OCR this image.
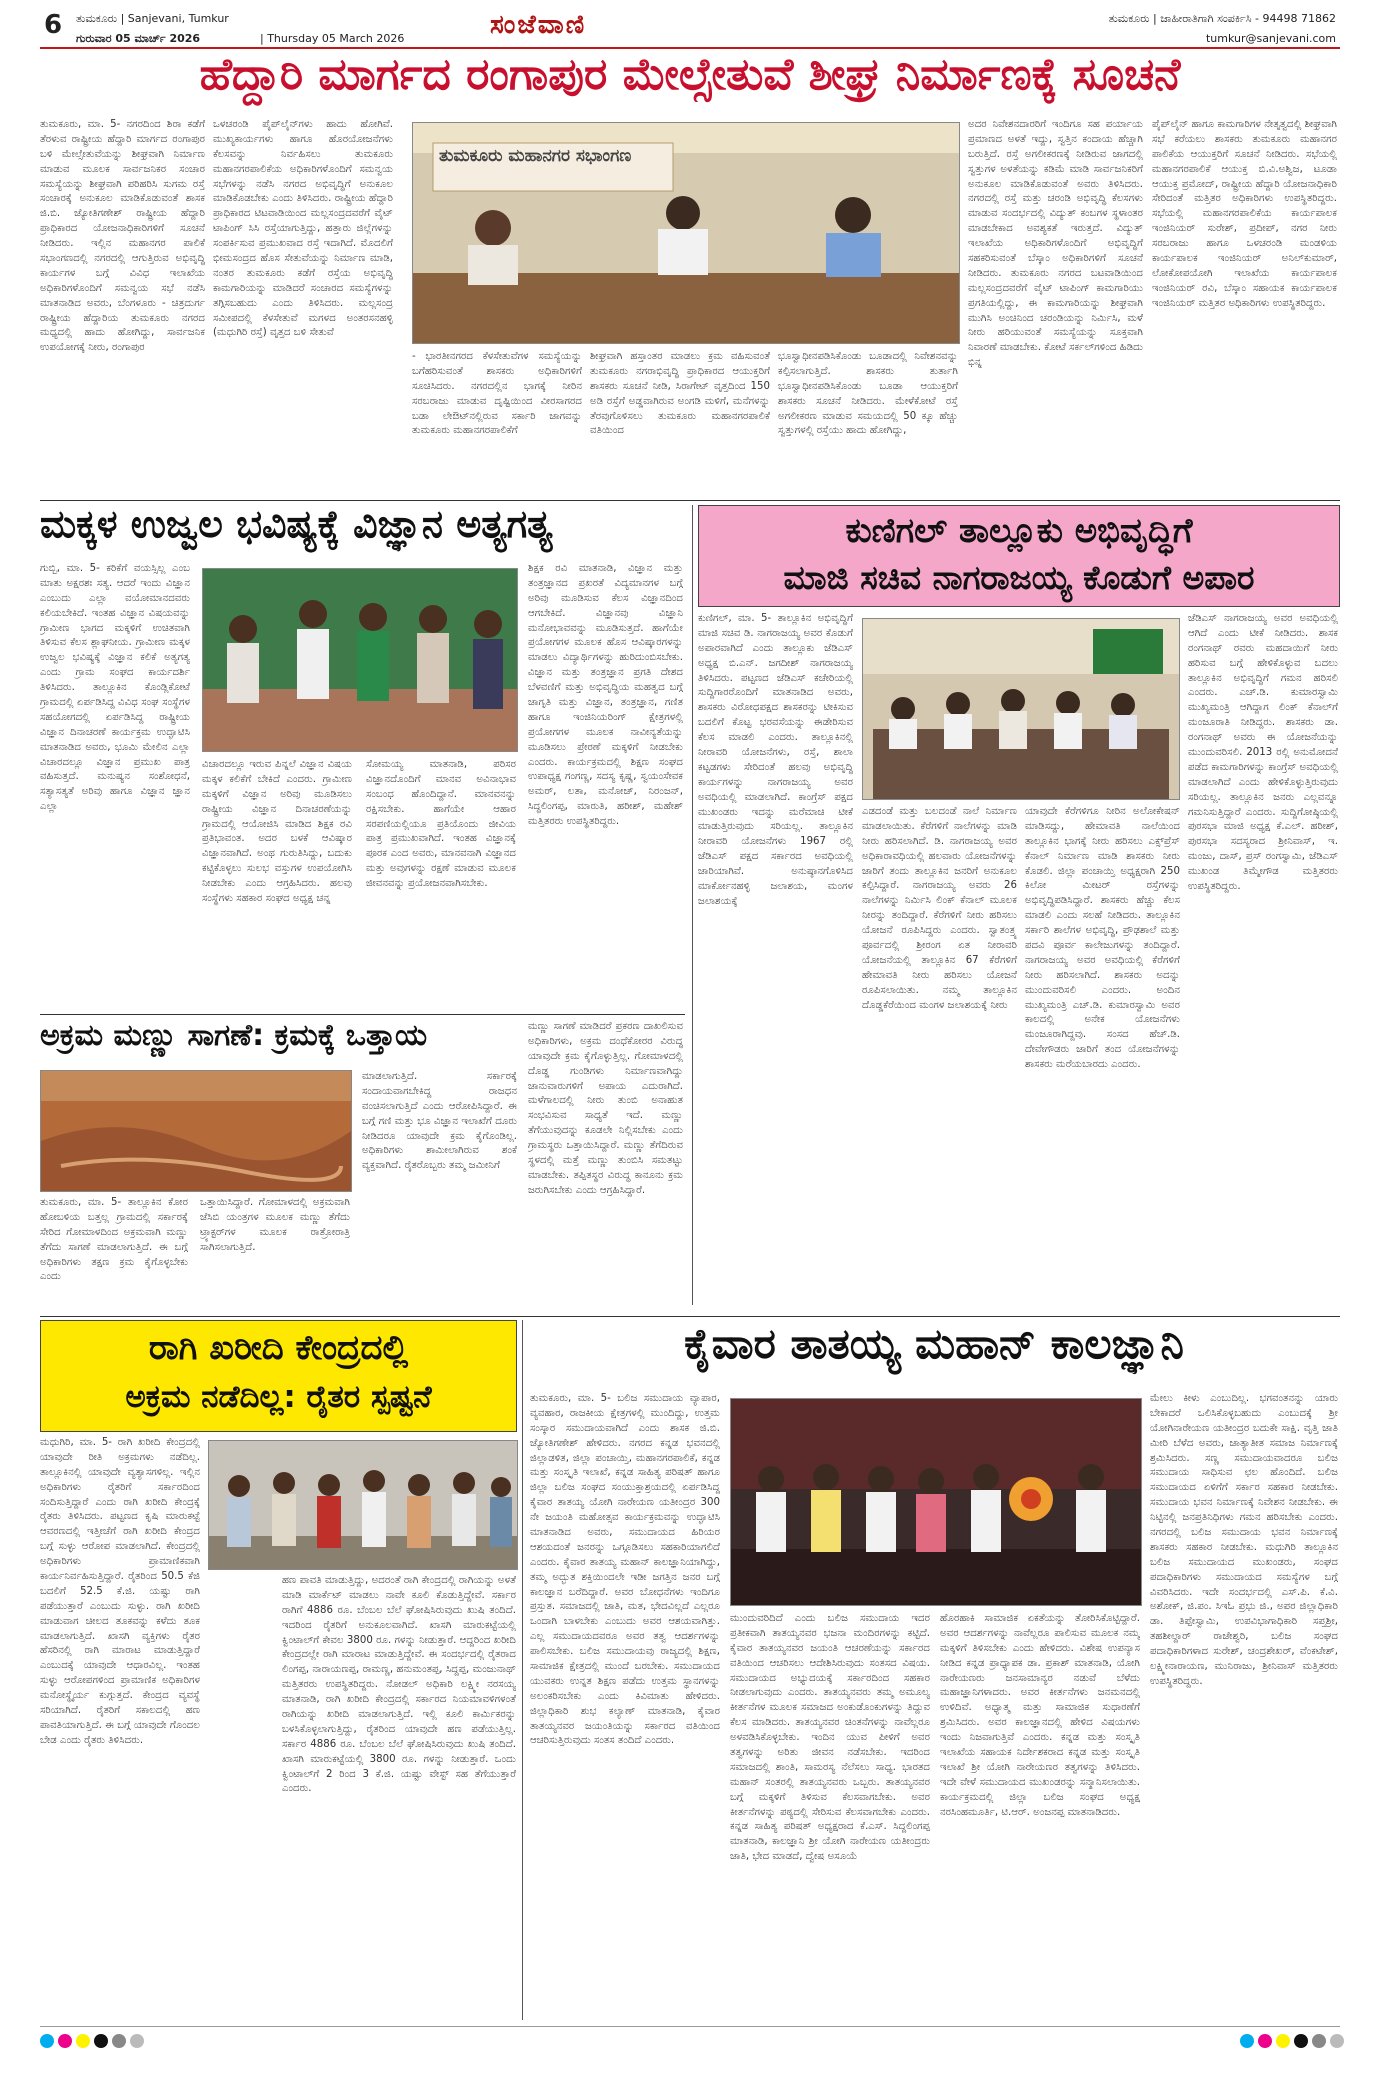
6 ತುಮಕೂರು | Sanjevani, Tumkur
ಗುರುವಾರ 05 ಮಾರ್ಚ್ 2026	| Thursday 05 March 2026	ಸಂಜೆವಾಣಿ	ತುಮಕೂರು | ಜಾಹೀರಾತಿಗಾಗಿ ಸಂಪರ್ಕಿಸಿ - 94498 71862
tumkur@sanjevani.com
ಹೆದ್ದಾರಿ ಮಾರ್ಗದ ರಂಗಾಪುರ ಮೇಲ್ಸೇತುವೆ ಶೀಘ್ರ ನಿರ್ಮಾಣಕ್ಕೆ ಸೂಚನೆ
ತುಮಕೂರು, ಮಾ. 5- ನಗರದಿಂದ ಶಿರಾ ಕಡೆಗೆ ತೆರಳುವ ರಾಷ್ಟ್ರೀಯ ಹೆದ್ದಾರಿ ಮಾರ್ಗದ ರಂಗಾಪುರ ಬಳಿ ಮೇಲ್ಸೇತುವೆಯನ್ನು ಶೀಘ್ರವಾಗಿ ನಿರ್ಮಾಣ ಮಾಡುವ ಮೂಲಕ ಸಾರ್ವಜನಿಕರ ಸಂಚಾರ ಸಮಸ್ಯೆಯನ್ನು ಶೀಘ್ರವಾಗಿ ಪರಿಹರಿಸಿ ಸುಗಮ ರಸ್ತೆ ಸಂಚಾರಕ್ಕೆ ಅನುಕೂಲ ಮಾಡಿಕೊಡುವಂತೆ ಶಾಸಕ ಜಿ.ಬಿ. ಜ್ಯೋತಿಗಣೇಶ್ ರಾಷ್ಟ್ರೀಯ ಹೆದ್ದಾರಿ ಪ್ರಾಧಿಕಾರದ ಯೋಜನಾಧಿಕಾರಿಗಳಿಗೆ ಸೂಚನೆ ನೀಡಿದರು. ಇಲ್ಲಿನ ಮಹಾನಗರ ಪಾಲಿಕೆ ಸಭಾಂಗಣದಲ್ಲಿ ನಗರದಲ್ಲಿ ಆಗುತ್ತಿರುವ ಅಭಿವೃದ್ಧಿ ಕಾರ್ಯಗಳ ಬಗ್ಗೆ ವಿವಿಧ ಇಲಾಖೆಯ ಅಧಿಕಾರಿಗಳೊಂದಿಗೆ ಸಮನ್ವಯ ಸಭೆ ನಡೆಸಿ ಮಾತನಾಡಿದ ಅವರು, ಬೆಂಗಳೂರು - ಚಿತ್ರದುರ್ಗ ರಾಷ್ಟ್ರೀಯ ಹೆದ್ದಾರಿಯ ತುಮಕೂರು ನಗರದ ಮಧ್ಯದಲ್ಲಿ ಹಾದು ಹೋಗಿದ್ದು, ಸಾರ್ವಜನಿಕ ಉಪಯೋಗಕ್ಕೆ ನೀರು, ರಂಗಾಪುರ
ಒಳಚರಂಡಿ ಪೈಪ್‌ಲೈನ್‌ಗಳು ಹಾದು ಹೋಗಿವೆ. ಮುಖ್ಯಕಾರ್ಯಗಳು ಹಾಗೂ ಹೊರಯೋಜನೆಗಳು ಕೆಲಸವನ್ನು ನಿರ್ವಹಿಸಲು ತುಮಕೂರು ಮಹಾನಗರಪಾಲಿಕೆಯ ಅಧಿಕಾರಿಗಳೊಂದಿಗೆ ಸಮನ್ವಯ ಸಭೆಗಳನ್ನು ನಡೆಸಿ ನಗರದ ಅಭಿವೃದ್ಧಿಗೆ ಅನುಕೂಲ ಮಾಡಿಕೊಡಬೇಕು ಎಂದು ತಿಳಿಸಿದರು. ರಾಷ್ಟ್ರೀಯ ಹೆದ್ದಾರಿ ಪ್ರಾಧಿಕಾರದ ಟಿಟವಾಡಿಯಿಂದ ಮಲ್ಲಸಂದ್ರದವರೆಗೆ ವೈಟ್ ಟಾಪಿಂಗ್ ಸಿಸಿ ರಸ್ತೆಯಾಗುತ್ತಿದ್ದು, ಹತ್ತಾರು ಜಿಲ್ಲೆಗಳನ್ನು ಸಂಪರ್ಕಿಸುವ ಪ್ರಮುಖವಾದ ರಸ್ತೆ ಇದಾಗಿದೆ. ಮೊದಲಿಗೆ ಭೀಮಸಂದ್ರದ ಹೊಸ ಸೇತುವೆಯನ್ನು ನಿರ್ಮಾಣ ಮಾಡಿ, ನಂತರ ತುಮಕೂರು ಕಡೆಗೆ ರಸ್ತೆಯ ಅಭಿವೃದ್ಧಿ ಕಾಮಗಾರಿಯನ್ನು ಮಾಡಿದರೆ ಸಂಚಾರದ ಸಮಸ್ಯೆಗಳನ್ನು ತಗ್ಗಿಸಬಹುದು ಎಂದು ತಿಳಿಸಿದರು. ಮಲ್ಲಸಂದ್ರ ಸಮೀಪದಲ್ಲಿ ಕೆಳಸೇತುವೆ ಮಗಳದ ಅಂತರಸನಹಳ್ಳಿ (ಮಧುಗಿರಿ ರಸ್ತೆ) ವೃತ್ತದ ಬಳಿ ಸೇತುವೆ
ತುಮಕೂರು ಮಹಾನಗರ ಸಭಾಂಗಣ
- ಭಾರತೀನಗರದ ಕೆಳಸೇತುವೆಗಳ ಸಮಸ್ಯೆಯನ್ನು ಬಗೆಹರಿಸುವಂತೆ ಶಾಸಕರು ಅಧಿಕಾರಿಗಳಿಗೆ ಸೂಚಿಸಿದರು. ನಗರದಲ್ಲಿನ ಭಾಗಕ್ಕೆ ನೀರಿನ ಸರಬರಾಜು ಮಾಡುವ ದೃಷ್ಟಿಯಿಂದ ವೀರಸಾಗರದ ಬಡಾ ಲೇಔಟ್‌ನಲ್ಲಿರುವ ಸರ್ಕಾರಿ ಜಾಗವನ್ನು ತುಮಕೂರು ಮಹಾನಗರಪಾಲಿಕೆಗೆ
ಶೀಘ್ರವಾಗಿ ಹಸ್ತಾಂತರ ಮಾಡಲು ಕ್ರಮ ವಹಿಸುವಂತೆ ತುಮಕೂರು ನಗರಾಭಿವೃದ್ಧಿ ಪ್ರಾಧಿಕಾರದ ಆಯುಕ್ತರಿಗೆ ಶಾಸಕರು ಸೂಚನೆ ನೀಡಿ, ಸಿರಾಗೇಟ್ ವೃತ್ತದಿಂದ 150 ಅಡಿ ರಸ್ತೆಗೆ ಅಡ್ಡವಾಗಿರುವ ಅಂಗಡಿ ಮಳಿಗೆ, ಮನೆಗಳನ್ನು ತೆರವುಗೊಳಿಸಲು ತುಮಕೂರು ಮಹಾನಗರಪಾಲಿಕೆ ವತಿಯಿಂದ
ಭೂಸ್ವಾಧೀನಪಡಿಸಿಕೊಂಡು ಬೂಡಾದಲ್ಲಿ ನಿವೇಶನವನ್ನು ಕಲ್ಪಿಸಲಾಗುತ್ತಿದೆ. ಶಾಸಕರು ತುರ್ತಾಗಿ ಭೂಸ್ವಾಧೀನಪಡಿಸಿಕೊಂಡು ಬೂಡಾ ಆಯುಕ್ತರಿಗೆ ಶಾಸಕರು ಸೂಚನೆ ನೀಡಿದರು. ಮೇಳೆಕೋಟೆ ರಸ್ತೆ ಅಗಲೀಕರಣ ಮಾಡುವ ಸಮಯದಲ್ಲಿ 50 ಕ್ಕೂ ಹೆಚ್ಚು ಸ್ವತ್ತುಗಳಲ್ಲಿ ರಸ್ತೆಯು ಹಾದು ಹೋಗಿದ್ದು,
ಅದರ ನಿವೇಶನದಾರರಿಗೆ ಇಂದಿಗೂ ಸಹ ಪರ್ಯಾಯ ಪ್ರಮಾಣದ ಅಳತೆ ಇದ್ದು, ಸ್ವತ್ತಿನ ಕಂದಾಯ ಹೆಚ್ಚಾಗಿ ಬರುತ್ತಿದೆ. ರಸ್ತೆ ಅಗಲೀಕರಣಕ್ಕೆ ನೀಡಿರುವ ಜಾಗದಲ್ಲಿ ಸ್ವತ್ತುಗಳ ಅಳತೆಯನ್ನು ಕಡಿಮೆ ಮಾಡಿ ಸಾರ್ವಜನಿಕರಿಗೆ ಅನುಕೂಲ ಮಾಡಿಕೊಡುವಂತೆ ಅವರು ತಿಳಿಸಿದರು. ನಗರದಲ್ಲಿ ರಸ್ತೆ ಮತ್ತು ಚರಂಡಿ ಅಭಿವೃದ್ಧಿ ಕೆಲಸಗಳು ಮಾಡುವ ಸಂದರ್ಭದಲ್ಲಿ ವಿದ್ಯುತ್ ಕಂಬಗಳ ಸ್ಥಳಾಂತರ ಮಾಡಬೇಕಾದ ಅವಶ್ಯಕತೆ ಇರುತ್ತದೆ. ವಿದ್ಯುತ್ ಇಲಾಖೆಯ ಅಧಿಕಾರಿಗಳೊಂದಿಗೆ ಅಭಿವೃದ್ಧಿಗೆ ಸಹಕರಿಸುವಂತೆ ಬೆಸ್ಕಾಂ ಅಧಿಕಾರಿಗಳಿಗೆ ಸೂಚನೆ ನೀಡಿದರು. ತುಮಕೂರು ನಗರದ ಬಟವಾಡಿಯಿಂದ ಮಲ್ಲಸಂದ್ರದವರೆಗೆ ವೈಟ್ ಟಾಪಿಂಗ್ ಕಾಮಗಾರಿಯು ಪ್ರಗತಿಯಲ್ಲಿದ್ದು, ಈ ಕಾಮಗಾರಿಯನ್ನು ಶೀಘ್ರವಾಗಿ ಮುಗಿಸಿ ಅಂಚಿನಿಂದ ಚರಂಡಿಯನ್ನು ನಿರ್ಮಿಸಿ, ಮಳೆ ನೀರು ಹರಿಯುವಂತೆ ಸಮಸ್ಯೆಯನ್ನು ಸೂಕ್ತವಾಗಿ ನಿವಾರಣೆ ಮಾಡಬೇಕು. ಕೋಟೆ ಸರ್ಕಲ್‌ಗಳಿಂದ ಹಿಡಿದು ಭಿನ್ನ
ಪೈಪ್‌ಲೈನ್ ಹಾಗೂ ಕಾಮಗಾರಿಗಳ ನೇತೃತ್ವದಲ್ಲಿ ಶೀಘ್ರವಾಗಿ ಸಭೆ ಕರೆಯಲು ಶಾಸಕರು ತುಮಕೂರು ಮಹಾನಗರ ಪಾಲಿಕೆಯ ಆಯುಕ್ತರಿಗೆ ಸೂಚನೆ ನೀಡಿದರು. ಸಭೆಯಲ್ಲಿ ಮಹಾನಗರಪಾಲಿಕೆ ಆಯುಕ್ತ ಬಿ.ವಿ.ಅಶ್ವಿಜ, ಟೂಡಾ ಆಯುಕ್ತ ಪ್ರಮೋದ್, ರಾಷ್ಟ್ರೀಯ ಹೆದ್ದಾರಿ ಯೋಜನಾಧಿಕಾರಿ ಸೇರಿದಂತೆ ಮತ್ತಿತರ ಅಧಿಕಾರಿಗಳು ಉಪಸ್ಥಿತರಿದ್ದರು. ಸಭೆಯಲ್ಲಿ ಮಹಾನಗರಪಾಲಿಕೆಯ ಕಾರ್ಯಪಾಲಕ ಇಂಜಿನಿಯರ್ ಸುರೇಶ್, ಪ್ರದೀಪ್, ನಗರ ನೀರು ಸರಬರಾಜು ಹಾಗೂ ಒಳಚರಂಡಿ ಮಂಡಳಿಯ ಕಾರ್ಯಪಾಲಕ ಇಂಜಿನಿಯರ್ ಅನಿಲ್‌ಕುಮಾರ್, ಲೋಕೋಪಯೋಗಿ ಇಲಾಖೆಯ ಕಾರ್ಯಪಾಲಕ ಇಂಜಿನಿಯರ್ ರವಿ, ಬೆಸ್ಕಾಂ ಸಹಾಯಕ ಕಾರ್ಯಪಾಲಕ ಇಂಜಿನಿಯರ್ ಮತ್ತಿತರ ಅಧಿಕಾರಿಗಳು ಉಪಸ್ಥಿತರಿದ್ದರು.
ಮಕ್ಕಳ ಉಜ್ವಲ ಭವಿಷ್ಯಕ್ಕೆ ವಿಜ್ಞಾನ ಅತ್ಯಗತ್ಯ
ಗುಬ್ಬಿ, ಮಾ. 5- ಕರಿಕೆಗೆ ವಯಸ್ಸಿಲ್ಲ ಎಂಬ ಮಾತು ಅಕ್ಷರಶಃ ಸತ್ಯ. ಆದರೆ ಇಂದು ವಿಜ್ಞಾನ ಎಂಬುದು ಎಲ್ಲಾ ವಯೋಮಾನದವರು ಕಲಿಯಬೇಕಿದೆ. ಇಂತಹ ವಿಜ್ಞಾನ ವಿಷಯವನ್ನು ಗ್ರಾಮೀಣ ಭಾಗದ ಮಕ್ಕಳಿಗೆ ಉಚಿತವಾಗಿ ತಿಳಿಸುವ ಕೆಲಸ ಶ್ಲಾಘನೀಯ. ಗ್ರಾಮೀಣ ಮಕ್ಕಳ ಉಜ್ವಲ ಭವಿಷ್ಯಕ್ಕೆ ವಿಜ್ಞಾನ ಕಲಿಕೆ ಅತ್ಯಗತ್ಯ ಎಂದು ಗ್ರಾಮ ಸಂಘದ ಕಾರ್ಯದರ್ಶಿ ತಿಳಿಸಿದರು. ತಾಲ್ಲೂಕಿನ ಕೊಂಡ್ಲಿಕೋಟೆ ಗ್ರಾಮದಲ್ಲಿ ಏರ್ಪಡಿಸಿದ್ದ ವಿವಿಧ ಸಂಘ ಸಂಸ್ಥೆಗಳ ಸಹಯೋಗದಲ್ಲಿ ಏರ್ಪಡಿಸಿದ್ದ ರಾಷ್ಟ್ರೀಯ ವಿಜ್ಞಾನ ದಿನಾಚರಣೆ ಕಾರ್ಯಕ್ರಮ ಉದ್ಘಾಟಿಸಿ ಮಾತನಾಡಿದ ಅವರು, ಭೂಮಿ ಮೇಲಿನ ಎಲ್ಲಾ ವಿಚಾರದಲ್ಲೂ ವಿಜ್ಞಾನ ಪ್ರಮುಖ ಪಾತ್ರ ವಹಿಸುತ್ತದೆ. ಮನುಷ್ಯನ ಸಂಶೋಧನೆ, ಸತ್ಯಾಸತ್ಯತೆ ಅರಿವು ಹಾಗೂ ವಿಜ್ಞಾನ ಜ್ಞಾನ ಎಲ್ಲಾ
ವಿಚಾರದಲ್ಲೂ ಇರುವ ಪಿನ್ನಲೆ ವಿಜ್ಞಾನ ವಿಷಯ ಮಕ್ಕಳ ಕಲಿಕೆಗೆ ಬೇಕಿದೆ ಎಂದರು. ಗ್ರಾಮೀಣ ಮಕ್ಕಳಿಗೆ ವಿಜ್ಞಾನ ಅರಿವು ಮೂಡಿಸಲು ರಾಷ್ಟ್ರೀಯ ವಿಜ್ಞಾನ ದಿನಾಚರಣೆಯನ್ನು ಗ್ರಾಮದಲ್ಲಿ ಆಯೋಜಿಸಿ ಮಾಡಿದ ಶಿಕ್ಷಕ ರವಿ ಪ್ರತಿಭಾವಂತ. ಅದರ ಬಳಕೆ ಆವಿಷ್ಕಾರ ವಿಜ್ಞಾನವಾಗಿದೆ. ಅಂಥ ಗುರುತಿಸಿದ್ದು, ಬದುಕು ಕಟ್ಟಿಕೊಳ್ಳಲು ಸುಲಭ ವಸ್ತುಗಳ ಉಪಯೋಗಿಸಿ ನೀಡಬೇಕು ಎಂದು ಆಗ್ರಹಿಸಿದರು. ಹಲವು ಸಂಸ್ಥೆಗಳು ಸಹಕಾರ ಸಂಘದ ಅಧ್ಯಕ್ಷ ಚನ್ನ
ಸೋಮಯ್ಯ ಮಾತನಾಡಿ, ಪರಿಸರ ವಿಜ್ಞಾನದೊಂದಿಗೆ ಮಾನವ ಅವಿನಾಭಾವ ಸಂಬಂಧ ಹೊಂದಿದ್ದಾನೆ. ಮಾನವನನ್ನು ರಕ್ಷಿಸಬೇಕು. ಹಾಗೆಯೇ ಆಹಾರ ಸರಪಣಿಯಲ್ಲಿಯೂ ಪ್ರತಿಯೊಂದು ಜೀವಿಯ ಪಾತ್ರ ಪ್ರಮುಖವಾಗಿದೆ. ಇಂತಹ ವಿಜ್ಞಾನಕ್ಕೆ ಪೂರಕ ಎಂದ ಅವರು, ಮಾನವನಾಗಿ ವಿಜ್ಞಾನದ ಮತ್ತು ಅವುಗಳನ್ನು ರಕ್ಷಣೆ ಮಾಡುವ ಮೂಲಕ ಜೀವನವನ್ನು ಪ್ರಯೋಜನವಾಗಿಸಬೇಕು.
ಶಿಕ್ಷಕ ರವಿ ಮಾತನಾಡಿ, ವಿಜ್ಞಾನ ಮತ್ತು ತಂತ್ರಜ್ಞಾನದ ಪ್ರಖರತೆ ವಿದ್ಯಮಾನಗಳ ಬಗ್ಗೆ ಅರಿವು ಮೂಡಿಸುವ ಕೆಲಸ ವಿಜ್ಞಾನದಿಂದ ಆಗಬೇಕಿದೆ. ವಿಜ್ಞಾನವು ವಿಜ್ಞಾನಿ ಮನೋಭಾವವನ್ನು ಮೂಡಿಸುತ್ತದೆ. ಹಾಗೆಯೇ ಪ್ರಯೋಗಗಳ ಮೂಲಕ ಹೊಸ ಆವಿಷ್ಕಾರಗಳನ್ನು ಮಾಡಲು ವಿದ್ಯಾರ್ಥಿಗಳನ್ನು ಹುರಿದುಂಬಿಸಬೇಕು. ವಿಜ್ಞಾನ ಮತ್ತು ತಂತ್ರಜ್ಞಾನ ಪ್ರಗತಿ ದೇಶದ ಬೆಳವಣಿಗೆ ಮತ್ತು ಅಭಿವೃದ್ಧಿಯ ಮಹತ್ವದ ಬಗ್ಗೆ ಜಾಗೃತಿ ಮತ್ತು ವಿಜ್ಞಾನ, ತಂತ್ರಜ್ಞಾನ, ಗಣಿತ ಹಾಗೂ ಇಂಜಿನಿಯರಿಂಗ್ ಕ್ಷೇತ್ರಗಳಲ್ಲಿ ಪ್ರಯೋಗಗಳ ಮೂಲಕ ನಾವೀನ್ಯತೆಯನ್ನು ಮೂಡಿಸಲು ಪ್ರೇರಣೆ ಮಕ್ಕಳಿಗೆ ನೀಡಬೇಕು ಎಂದರು. ಕಾರ್ಯಕ್ರಮದಲ್ಲಿ ಶಿಕ್ಷಣ ಸಂಘದ ಉಪಾಧ್ಯಕ್ಷ ಗಂಗಣ್ಣ, ಸದಸ್ಯ ಕೃಷ್ಣ, ಸ್ವಯಂಸೇವಕ ಅಮರ್, ಲತಾ, ಮನೋಜ್, ನಿರಂಜನ್, ಸಿದ್ಧಲಿಂಗಪ್ಪ, ಮಾರುತಿ, ಹರೀಶ್, ಮಹೇಶ್ ಮತ್ತಿತರರು ಉಪಸ್ಥಿತರಿದ್ದರು.
ಅಕ್ರಮ ಮಣ್ಣು ಸಾಗಣೆ: ಕ್ರಮಕ್ಕೆ ಒತ್ತಾಯ
ತುಮಕೂರು, ಮಾ. 5- ತಾಲ್ಲೂಕಿನ ಕೋರ ಹೋಬಳಿಯ ಬತ್ತಲ್ಲ ಗ್ರಾಮದಲ್ಲಿ ಸರ್ಕಾರಕ್ಕೆ ಸೇರಿದ ಗೋಮಾಳದಿಂದ ಅಕ್ರಮವಾಗಿ ಮಣ್ಣು ತೆಗೆದು ಸಾಗಣೆ ಮಾಡಲಾಗುತ್ತಿದೆ. ಈ ಬಗ್ಗೆ ಅಧಿಕಾರಿಗಳು ತಕ್ಷಣ ಕ್ರಮ ಕೈಗೊಳ್ಳಬೇಕು ಎಂದು
ಒತ್ತಾಯಿಸಿದ್ದಾರೆ. ಗೋಮಾಳದಲ್ಲಿ ಅಕ್ರಮವಾಗಿ ಜೆಸಿಬಿ ಯಂತ್ರಗಳ ಮೂಲಕ ಮಣ್ಣು ತೆಗೆದು ಟ್ರ್ಯಾಕ್ಟರ್‌ಗಳ ಮೂಲಕ ರಾತ್ರೋರಾತ್ರಿ ಸಾಗಿಸಲಾಗುತ್ತಿದೆ.
ಮಾಡಲಾಗುತ್ತಿದೆ. ಸರ್ಕಾರಕ್ಕೆ ಸಂದಾಯವಾಗಬೇಕಿದ್ದ ರಾಜಧನ ವಂಚಿಸಲಾಗುತ್ತಿದೆ ಎಂದು ಆರೋಪಿಸಿದ್ದಾರೆ. ಈ ಬಗ್ಗೆ ಗಣಿ ಮತ್ತು ಭೂ ವಿಜ್ಞಾನ ಇಲಾಖೆಗೆ ದೂರು ನೀಡಿದರೂ ಯಾವುದೇ ಕ್ರಮ ಕೈಗೊಂಡಿಲ್ಲ. ಅಧಿಕಾರಿಗಳು ಶಾಮೀಲಾಗಿರುವ ಶಂಕೆ ವ್ಯಕ್ತವಾಗಿದೆ. ರೈತರೊಬ್ಬರು ತಮ್ಮ ಜಮೀನಿಗೆ
ಮಣ್ಣು ಸಾಗಣೆ ಮಾಡಿದರೆ ಪ್ರಕರಣ ದಾಖಲಿಸುವ ಅಧಿಕಾರಿಗಳು, ಅಕ್ರಮ ದಂಧೆಕೋರರ ವಿರುದ್ಧ ಯಾವುದೇ ಕ್ರಮ ಕೈಗೊಳ್ಳುತ್ತಿಲ್ಲ. ಗೋಮಾಳದಲ್ಲಿ ದೊಡ್ಡ ಗುಂಡಿಗಳು ನಿರ್ಮಾಣವಾಗಿದ್ದು ಜಾನುವಾರುಗಳಿಗೆ ಅಪಾಯ ಎದುರಾಗಿದೆ. ಮಳೆಗಾಲದಲ್ಲಿ ನೀರು ತುಂಬಿ ಅನಾಹುತ ಸಂಭವಿಸುವ ಸಾಧ್ಯತೆ ಇದೆ. ಮಣ್ಣು ತೆಗೆಯುವುದನ್ನು ಕೂಡಲೇ ನಿಲ್ಲಿಸಬೇಕು ಎಂದು ಗ್ರಾಮಸ್ಥರು ಒತ್ತಾಯಿಸಿದ್ದಾರೆ. ಮಣ್ಣು ತೆಗೆದಿರುವ ಸ್ಥಳದಲ್ಲಿ ಮತ್ತೆ ಮಣ್ಣು ತುಂಬಿಸಿ ಸಮತಟ್ಟು ಮಾಡಬೇಕು. ತಪ್ಪಿತಸ್ಥರ ವಿರುದ್ಧ ಕಾನೂನು ಕ್ರಮ ಜರುಗಿಸಬೇಕು ಎಂದು ಆಗ್ರಹಿಸಿದ್ದಾರೆ.
ಕುಣಿಗಲ್ ತಾಲ್ಲೂಕು ಅಭಿವೃದ್ಧಿಗೆ
ಮಾಜಿ ಸಚಿವ ನಾಗರಾಜಯ್ಯ ಕೊಡುಗೆ ಅಪಾರ
ಕುಣಿಗಲ್, ಮಾ. 5- ತಾಲ್ಲೂಕಿನ ಅಭಿವೃದ್ಧಿಗೆ ಮಾಜಿ ಸಚಿವ ಡಿ. ನಾಗರಾಜಯ್ಯ ಅವರ ಕೊಡುಗೆ ಅಪಾರವಾಗಿದೆ ಎಂದು ತಾಲ್ಲೂಕು ಜೆಡಿಎಸ್ ಅಧ್ಯಕ್ಷ ಬಿ.ಎನ್. ಜಗದೀಶ್ ನಾಗರಾಜಯ್ಯ ತಿಳಿಸಿದರು. ಪಟ್ಟಣದ ಜೆಡಿಎಸ್ ಕಚೇರಿಯಲ್ಲಿ ಸುದ್ದಿಗಾರರೊಂದಿಗೆ ಮಾತನಾಡಿದ ಅವರು, ಶಾಸಕರು ವಿರೋಧಪಕ್ಷದ ಶಾಸಕರನ್ನು ಟೀಕಿಸುವ ಬದಲಿಗೆ ಕೊಟ್ಟ ಭರವಸೆಯನ್ನು ಈಡೇರಿಸುವ ಕೆಲಸ ಮಾಡಲಿ ಎಂದರು. ತಾಲ್ಲೂಕಿನಲ್ಲಿ ನೀರಾವರಿ ಯೋಜನೆಗಳು, ರಸ್ತೆ, ಶಾಲಾ ಕಟ್ಟಡಗಳು ಸೇರಿದಂತೆ ಹಲವು ಅಭಿವೃದ್ಧಿ ಕಾರ್ಯಗಳನ್ನು ನಾಗರಾಜಯ್ಯ ಅವರ ಅವಧಿಯಲ್ಲಿ ಮಾಡಲಾಗಿದೆ. ಕಾಂಗ್ರೆಸ್ ಪಕ್ಷದ ಮುಖಂಡರು ಇದನ್ನು ಮರೆಮಾಚಿ ಟೀಕೆ ಮಾಡುತ್ತಿರುವುದು ಸರಿಯಲ್ಲ. ತಾಲ್ಲೂಕಿನ ನೀರಾವರಿ ಯೋಜನೆಗಳು 1967 ರಲ್ಲಿ ಜೆಡಿಎಸ್ ಪಕ್ಷದ ಸರ್ಕಾರದ ಅವಧಿಯಲ್ಲಿ ಜಾರಿಯಾಗಿವೆ. ಅನುಷ್ಠಾನಗೊಳಿಸಿದ ಮಾರ್ಕೋನಹಳ್ಳಿ ಜಲಾಶಯ, ಮಂಗಳ ಜಲಾಶಯಕ್ಕೆ
ಎಡದಂಡೆ ಮತ್ತು ಬಲದಂಡೆ ನಾಲೆ ನಿರ್ಮಾಣ ಮಾಡಲಾಯಿತು. ಕೆರೆಗಳಿಗೆ ನಾಲೆಗಳನ್ನು ಮಾಡಿ ನೀರು ಹರಿಸಲಾಗಿದೆ. ಡಿ. ನಾಗರಾಜಯ್ಯ ಅವರ ಅಧಿಕಾರಾವಧಿಯಲ್ಲಿ ಹಲವಾರು ಯೋಜನೆಗಳನ್ನು ಜಾರಿಗೆ ತಂದು ತಾಲ್ಲೂಕಿನ ಜನರಿಗೆ ಅನುಕೂಲ ಕಲ್ಪಿಸಿದ್ದಾರೆ. ನಾಗರಾಜಯ್ಯ ಅವರು 26 ನಾಲೆಗಳನ್ನು ನಿರ್ಮಿಸಿ ಲಿಂಕ್ ಕೆನಾಲ್ ಮೂಲಕ ನೀರನ್ನು ತಂದಿದ್ದಾರೆ. ಕೆರೆಗಳಿಗೆ ನೀರು ಹರಿಸಲು ಯೋಜನೆ ರೂಪಿಸಿದ್ದರು ಎಂದರು. ಸ್ವಾತಂತ್ರ್ಯ ಪೂರ್ವದಲ್ಲಿ ಶ್ರೀರಂಗ ಏತ ನೀರಾವರಿ ಯೋಜನೆಯಲ್ಲಿ ತಾಲ್ಲೂಕಿನ 67 ಕೆರೆಗಳಿಗೆ ಹೇಮಾವತಿ ನೀರು ಹರಿಸಲು ಯೋಜನೆ ರೂಪಿಸಲಾಯಿತು. ನಮ್ಮ ತಾಲ್ಲೂಕಿನ ದೊಡ್ಡಕೆರೆಯಿಂದ ಮಂಗಳ ಜಲಾಶಯಕ್ಕೆ ನೀರು
ಯಾವುದೇ ಕೆರೆಗಳಿಗೂ ನೀರಿನ ಅಲೋಕೇಷನ್ ಮಾಡಿಸದ್ದು, ಹೇಮಾವತಿ ನಾಲೆಯಿಂದ ತಾಲ್ಲೂಕಿನ ಭಾಗಕ್ಕೆ ನೀರು ಹರಿಸಲು ಎಕ್ಸ್‌ಪ್ರೆಸ್ ಕೆನಾಲ್ ನಿರ್ಮಾಣ ಮಾಡಿ ಶಾಸಕರು ನೀರು ಕೊಡಲಿ. ಜಿಲ್ಲಾ ಪಂಚಾಯ್ತಿ ಅಧ್ಯಕ್ಷರಾಗಿ 250 ಕಿಲೋ ಮೀಟರ್ ರಸ್ತೆಗಳನ್ನು ಅಭಿವೃದ್ಧಿಪಡಿಸಿದ್ದಾರೆ. ಶಾಸಕರು ಹೆಚ್ಚು ಕೆಲಸ ಮಾಡಲಿ ಎಂದು ಸಲಹೆ ನೀಡಿದರು. ತಾಲ್ಲೂಕಿನ ಸರ್ಕಾರಿ ಶಾಲೆಗಳ ಅಭಿವೃದ್ಧಿ, ಪ್ರೌಢಶಾಲೆ ಮತ್ತು ಪದವಿ ಪೂರ್ವ ಕಾಲೇಜುಗಳನ್ನು ತಂದಿದ್ದಾರೆ. ನಾಗರಾಜಯ್ಯ ಅವರ ಅವಧಿಯಲ್ಲಿ ಕೆರೆಗಳಿಗೆ ನೀರು ಹರಿಸಲಾಗಿದೆ. ಶಾಸಕರು ಅದನ್ನು ಮುಂದುವರಿಸಲಿ ಎಂದರು. ಅಂದಿನ ಮುಖ್ಯಮಂತ್ರಿ ಎಚ್.ಡಿ. ಕುಮಾರಸ್ವಾಮಿ ಅವರ ಕಾಲದಲ್ಲಿ ಅನೇಕ ಯೋಜನೆಗಳು ಮಂಜೂರಾಗಿದ್ದವು. ಸಂಸದ ಹೆಚ್.ಡಿ. ದೇವೇಗೌಡರು ಜಾರಿಗೆ ತಂದ ಯೋಜನೆಗಳನ್ನು ಶಾಸಕರು ಮರೆಯಬಾರದು ಎಂದರು.
ಜೆಡಿಎಸ್ ನಾಗರಾಜಯ್ಯ ಅವರ ಅವಧಿಯಲ್ಲಿ ಆಗಿದೆ ಎಂದು ಟೀಕೆ ನೀಡಿದರು. ಶಾಸಕ ರಂಗನಾಥ್ ರವರು ಮಹದಾಯಿಗೆ ನೀರು ಹರಿಸುವ ಬಗ್ಗೆ ಹೇಳಿಕೊಳ್ಳುವ ಬದಲು ತಾಲ್ಲೂಕಿನ ಅಭಿವೃದ್ಧಿಗೆ ಗಮನ ಹರಿಸಲಿ ಎಂದರು. ಎಚ್.ಡಿ. ಕುಮಾರಸ್ವಾಮಿ ಮುಖ್ಯಮಂತ್ರಿ ಆಗಿದ್ದಾಗ ಲಿಂಕ್ ಕೆನಾಲ್‌ಗೆ ಮಂಜೂರಾತಿ ನೀಡಿದ್ದರು. ಶಾಸಕರು ಡಾ. ರಂಗನಾಥ್ ಅವರು ಈ ಯೋಜನೆಯನ್ನು ಮುಂದುವರಿಸಲಿ. 2013 ರಲ್ಲಿ ಅನುಮೋದನೆ ಪಡೆದ ಕಾಮಗಾರಿಗಳನ್ನು ಕಾಂಗ್ರೆಸ್ ಅವಧಿಯಲ್ಲಿ ಮಾಡಲಾಗಿದೆ ಎಂದು ಹೇಳಿಕೊಳ್ಳುತ್ತಿರುವುದು ಸರಿಯಲ್ಲ. ತಾಲ್ಲೂಕಿನ ಜನರು ಎಲ್ಲವನ್ನೂ ಗಮನಿಸುತ್ತಿದ್ದಾರೆ ಎಂದರು. ಸುದ್ದಿಗೋಷ್ಠಿಯಲ್ಲಿ ಪುರಸಭಾ ಮಾಜಿ ಅಧ್ಯಕ್ಷ ಕೆ.ಎಲ್. ಹರೀಶ್, ಪುರಸಭಾ ಸದಸ್ಯರಾದ ಶ್ರೀನಿವಾಸ್, ಇ. ಮಂಜು, ದಾಸ್, ಪ್ರಸ್ ರಂಗಸ್ವಾಮಿ, ಜೆಡಿಎಸ್ ಮುಖಂಡ ತಿಮ್ಮೇಗೌಡ ಮತ್ತಿತರರು ಉಪಸ್ಥಿತರಿದ್ದರು.
ರಾಗಿ ಖರೀದಿ ಕೇಂದ್ರದಲ್ಲಿ
ಅಕ್ರಮ ನಡೆದಿಲ್ಲ: ರೈತರ ಸ್ಪಷ್ಟನೆ
ಮಧುಗಿರಿ, ಮಾ. 5- ರಾಗಿ ಖರೀದಿ ಕೇಂದ್ರದಲ್ಲಿ ಯಾವುದೇ ರೀತಿ ಅಕ್ರಮಗಳು ನಡೆದಿಲ್ಲ. ತಾಲ್ಲೂಕಿನಲ್ಲಿ ಯಾವುದೇ ವ್ಯತ್ಯಾಸಗಳಿಲ್ಲ. ಇಲ್ಲಿನ ಅಧಿಕಾರಿಗಳು ರೈತರಿಗೆ ಸರ್ಕಾರದಿಂದ ಸಂದಿಸುತ್ತಿದ್ದಾರೆ ಎಂದು ರಾಗಿ ಖರೀದಿ ಕೇಂದ್ರಕ್ಕೆ ರೈತರು ತಿಳಿಸಿದರು. ಪಟ್ಟಣದ ಕೃಷಿ ಮಾರುಕಟ್ಟೆ ಆವರಣದಲ್ಲಿ ಇತ್ತೀಚೆಗೆ ರಾಗಿ ಖರೀದಿ ಕೇಂದ್ರದ ಬಗ್ಗೆ ಸುಳ್ಳು ಆರೋಪ ಮಾಡಲಾಗಿದೆ. ಕೇಂದ್ರದಲ್ಲಿ ಅಧಿಕಾರಿಗಳು ಪ್ರಾಮಾಣಿಕವಾಗಿ ಕಾರ್ಯನಿರ್ವಹಿಸುತ್ತಿದ್ದಾರೆ. ರೈತರಿಂದ 50.5 ಕೆಜಿ ಬದಲಿಗೆ 52.5 ಕೆ.ಜಿ. ಯಷ್ಟು ರಾಗಿ ಪಡೆಯುತ್ತಾರೆ ಎಂಬುದು ಸುಳ್ಳು. ರಾಗಿ ಖರೀದಿ ಮಾಡುವಾಗ ಚೀಲದ ತೂಕವನ್ನು ಕಳೆದು ತೂಕ ಮಾಡಲಾಗುತ್ತಿದೆ. ಖಾಸಗಿ ವ್ಯಕ್ತಿಗಳು ರೈತರ ಹೆಸರಿನಲ್ಲಿ ರಾಗಿ ಮಾರಾಟ ಮಾಡುತ್ತಿದ್ದಾರೆ ಎಂಬುದಕ್ಕೆ ಯಾವುದೇ ಆಧಾರವಿಲ್ಲ. ಇಂತಹ ಸುಳ್ಳು ಆರೋಪಗಳಿಂದ ಪ್ರಾಮಾಣಿಕ ಅಧಿಕಾರಿಗಳ ಮನೋಸ್ಥೈರ್ಯ ಕುಗ್ಗುತ್ತದೆ. ಕೇಂದ್ರದ ವ್ಯವಸ್ಥೆ ಸರಿಯಾಗಿದೆ. ರೈತರಿಗೆ ಸಕಾಲದಲ್ಲಿ ಹಣ ಪಾವತಿಯಾಗುತ್ತಿದೆ. ಈ ಬಗ್ಗೆ ಯಾವುದೇ ಗೊಂದಲ ಬೇಡ ಎಂದು ರೈತರು ತಿಳಿಸಿದರು.
ಹಣ ಪಾವತಿ ಮಾಡುತ್ತಿದ್ದು, ಅದರಂತೆ ರಾಗಿ ಕೇಂದ್ರದಲ್ಲಿ ರಾಗಿಯನ್ನು ಅಳತೆ ಮಾಡಿ ಮಾರ್ಕೆಟ್ ಮಾಡಲು ನಾವೇ ಕೂಲಿ ಕೊಡುತ್ತಿದ್ದೇವೆ. ಸರ್ಕಾರ ರಾಗಿಗೆ 4886 ರೂ. ಬೆಂಬಲ ಬೆಲೆ ಘೋಷಿಸಿರುವುದು ಖುಷಿ ತಂದಿದೆ. ಇದರಿಂದ ರೈತರಿಗೆ ಅನುಕೂಲವಾಗಿದೆ. ಖಾಸಗಿ ಮಾರುಕಟ್ಟೆಯಲ್ಲಿ ಕ್ವಿಂಟಾಲ್‌ಗೆ ಕೇವಲ 3800 ರೂ. ಗಳನ್ನು ನೀಡುತ್ತಾರೆ. ಆದ್ದರಿಂದ ಖರೀದಿ ಕೇಂದ್ರದಲ್ಲೇ ರಾಗಿ ಮಾರಾಟ ಮಾಡುತ್ತಿದ್ದೇವೆ. ಈ ಸಂದರ್ಭದಲ್ಲಿ ರೈತರಾದ ಲಿಂಗಪ್ಪ, ನಾರಾಯಣಪ್ಪ, ರಾಮಣ್ಣ, ಹನುಮಂತಪ್ಪ, ಸಿದ್ದಪ್ಪ, ಮಂಜುನಾಥ್ ಮತ್ತಿತರರು ಉಪಸ್ಥಿತರಿದ್ದರು. ನೋಡಲ್ ಅಧಿಕಾರಿ ಲಕ್ಷ್ಮೀ ನರಸಯ್ಯ ಮಾತನಾಡಿ, ರಾಗಿ ಖರೀದಿ ಕೇಂದ್ರದಲ್ಲಿ ಸರ್ಕಾರದ ನಿಯಮಾವಳಿಗಳಂತೆ ರಾಗಿಯನ್ನು ಖರೀದಿ ಮಾಡಲಾಗುತ್ತಿದೆ. ಇಲ್ಲಿ ಕೂಲಿ ಕಾರ್ಮಿಕರನ್ನು ಬಳಸಿಕೊಳ್ಳಲಾಗುತ್ತಿದ್ದು, ರೈತರಿಂದ ಯಾವುದೇ ಹಣ ಪಡೆಯುತ್ತಿಲ್ಲ. ಸರ್ಕಾರ 4886 ರೂ. ಬೆಂಬಲ ಬೆಲೆ ಘೋಷಿಸಿರುವುದು ಖುಷಿ ತಂದಿದೆ. ಖಾಸಗಿ ಮಾರುಕಟ್ಟೆಯಲ್ಲಿ 3800 ರೂ. ಗಳನ್ನು ನೀಡುತ್ತಾರೆ. ಒಂದು ಕ್ವಿಂಟಾಲ್‌ಗೆ 2 ರಿಂದ 3 ಕೆ.ಜಿ. ಯಷ್ಟು ವೇಸ್ಟ್ ಸಹ ತೆಗೆಯುತ್ತಾರೆ ಎಂದರು.
ಕೈವಾರ ತಾತಯ್ಯ ಮಹಾನ್ ಕಾಲಜ್ಞಾನಿ
ತುಮಕೂರು, ಮಾ. 5- ಬಲಿಜ ಸಮುದಾಯ ವ್ಯಾಪಾರ, ವ್ಯವಹಾರ, ರಾಜಕೀಯ ಕ್ಷೇತ್ರಗಳಲ್ಲಿ ಮುಂದಿದ್ದು, ಉತ್ತಮ ಸಂಸ್ಕಾರ ಸಮುದಾಯವಾಗಿದೆ ಎಂದು ಶಾಸಕ ಜಿ.ಬಿ. ಜ್ಯೋತಿಗಣೇಶ್ ಹೇಳಿದರು. ನಗರದ ಕನ್ನಡ ಭವನದಲ್ಲಿ ಜಿಲ್ಲಾಡಳಿತ, ಜಿಲ್ಲಾ ಪಂಚಾಯ್ತಿ, ಮಹಾನಗರಪಾಲಿಕೆ, ಕನ್ನಡ ಮತ್ತು ಸಂಸ್ಕೃತಿ ಇಲಾಖೆ, ಕನ್ನಡ ಸಾಹಿತ್ಯ ಪರಿಷತ್ ಹಾಗೂ ಜಿಲ್ಲಾ ಬಲಿಜ ಸಂಘದ ಸಂಯುಕ್ತಾಶ್ರಯದಲ್ಲಿ ಏರ್ಪಡಿಸಿದ್ದ ಕೈವಾರ ತಾತಯ್ಯ ಯೋಗಿ ನಾರೇಯಣ ಯತೀಂದ್ರರ 300 ನೇ ಜಯಂತಿ ಮಹೋತ್ಸವ ಕಾರ್ಯಕ್ರಮವನ್ನು ಉದ್ಘಾಟಿಸಿ ಮಾತನಾಡಿದ ಅವರು, ಸಮುದಾಯದ ಹಿರಿಯರ ಆಶಯದಂತೆ ಜನರನ್ನು ಒಗ್ಗೂಡಿಸಲು ಸಹಕಾರಿಯಾಗಲಿದೆ ಎಂದರು. ಕೈವಾರ ತಾತಯ್ಯ ಮಹಾನ್ ಕಾಲಜ್ಞಾನಿಯಾಗಿದ್ದು, ತಮ್ಮ ಅದ್ಭುತ ಶಕ್ತಿಯಿಂದಲೇ ಇಡೀ ಜಗತ್ತಿನ ಜನರ ಬಗ್ಗೆ ಕಾಲಜ್ಞಾನ ಬರೆದಿದ್ದಾರೆ. ಅವರ ಬೋಧನೆಗಳು ಇಂದಿಗೂ ಪ್ರಸ್ತುತ. ಸಮಾಜದಲ್ಲಿ ಜಾತಿ, ಮತ, ಭೇದವಿಲ್ಲದೆ ಎಲ್ಲರೂ ಒಂದಾಗಿ ಬಾಳಬೇಕು ಎಂಬುದು ಅವರ ಆಶಯವಾಗಿತ್ತು. ಎಲ್ಲ ಸಮುದಾಯದವರೂ ಅವರ ತತ್ವ ಆದರ್ಶಗಳನ್ನು ಪಾಲಿಸಬೇಕು. ಬಲಿಜ ಸಮುದಾಯವು ರಾಜ್ಯದಲ್ಲಿ ಶಿಕ್ಷಣ, ಸಾಮಾಜಿಕ ಕ್ಷೇತ್ರದಲ್ಲಿ ಮುಂದೆ ಬರಬೇಕು. ಸಮುದಾಯದ ಯುವಕರು ಉನ್ನತ ಶಿಕ್ಷಣ ಪಡೆದು ಉತ್ತಮ ಸ್ಥಾನಗಳನ್ನು ಅಲಂಕರಿಸಬೇಕು ಎಂದು ಕಿವಿಮಾತು ಹೇಳಿದರು. ಜಿಲ್ಲಾಧಿಕಾರಿ ಶುಭ ಕಲ್ಯಾಣ್ ಮಾತನಾಡಿ, ಕೈವಾರ ತಾತಯ್ಯನವರ ಜಯಂತಿಯನ್ನು ಸರ್ಕಾರದ ವತಿಯಿಂದ ಆಚರಿಸುತ್ತಿರುವುದು ಸಂತಸ ತಂದಿದೆ ಎಂದರು.
ಮುಂದುವರಿದಿದೆ ಎಂದು ಬಲಿಜ ಸಮುದಾಯ ಇದರ ಪ್ರತೀಕವಾಗಿ ತಾತಯ್ಯನವರ ಭಜನಾ ಮಂದಿರಗಳನ್ನು ಕಟ್ಟಿದೆ. ಕೈವಾರ ತಾತಯ್ಯನವರ ಜಯಂತಿ ಆಚರಣೆಯನ್ನು ಸರ್ಕಾರದ ವತಿಯಿಂದ ಆಚರಿಸಲು ಆದೇಶಿಸಿರುವುದು ಸಂತಸದ ವಿಷಯ. ಸಮುದಾಯದ ಅಭ್ಯುದಯಕ್ಕೆ ಸರ್ಕಾರದಿಂದ ಸಹಕಾರ ನೀಡಲಾಗುವುದು ಎಂದರು. ತಾತಯ್ಯನವರು ತಮ್ಮ ಅಮೂಲ್ಯ ಕೀರ್ತನೆಗಳ ಮೂಲಕ ಸಮಾಜದ ಅಂಕುಡೊಂಕುಗಳನ್ನು ತಿದ್ದುವ ಕೆಲಸ ಮಾಡಿದರು. ತಾತಯ್ಯನವರ ಚಿಂತನೆಗಳನ್ನು ನಾವೆಲ್ಲರೂ ಅಳವಡಿಸಿಕೊಳ್ಳಬೇಕು. ಇಂದಿನ ಯುವ ಪೀಳಿಗೆ ಅವರ ತತ್ವಗಳನ್ನು ಅರಿತು ಜೀವನ ನಡೆಸಬೇಕು. ಇದರಿಂದ ಸಮಾಜದಲ್ಲಿ ಶಾಂತಿ, ಸಾಮರಸ್ಯ ನೆಲೆಸಲು ಸಾಧ್ಯ. ಭಾರತದ ಮಹಾನ್ ಸಂತರಲ್ಲಿ ತಾತಯ್ಯನವರು ಒಬ್ಬರು. ತಾತಯ್ಯನವರ ಬಗ್ಗೆ ಮಕ್ಕಳಿಗೆ ತಿಳಿಸುವ ಕೆಲಸವಾಗಬೇಕು. ಅವರ ಕೀರ್ತನೆಗಳನ್ನು ಪಠ್ಯದಲ್ಲಿ ಸೇರಿಸುವ ಕೆಲಸವಾಗಬೇಕು ಎಂದರು. ಕನ್ನಡ ಸಾಹಿತ್ಯ ಪರಿಷತ್ ಅಧ್ಯಕ್ಷರಾದ ಕೆ.ಎಸ್. ಸಿದ್ದಲಿಂಗಪ್ಪ ಮಾತನಾಡಿ, ಕಾಲಜ್ಞಾನಿ ಶ್ರೀ ಯೋಗಿ ನಾರೇಯಣ ಯತೀಂದ್ರರು ಜಾತಿ, ಭೇದ ಮಾಡದೆ, ದ್ವೇಷ ಅಸೂಯೆ
ಹೊರಹಾಕಿ ಸಾಮಾಜಿಕ ಏಕತೆಯನ್ನು ತೋರಿಸಿಕೊಟ್ಟಿದ್ದಾರೆ. ಅವರ ಆದರ್ಶಗಳನ್ನು ನಾವೆಲ್ಲರೂ ಪಾಲಿಸುವ ಮೂಲಕ ನಮ್ಮ ಮಕ್ಕಳಿಗೆ ತಿಳಿಸಬೇಕು ಎಂದು ಹೇಳಿದರು. ವಿಶೇಷ ಉಪನ್ಯಾಸ ನೀಡಿದ ಕನ್ನಡ ಪ್ರಾಧ್ಯಾಪಕ ಡಾ. ಪ್ರಕಾಶ್ ಮಾತನಾಡಿ, ಯೋಗಿ ನಾರೇಯಣರು ಜನಸಾಮಾನ್ಯರ ನಡುವೆ ಬೆಳೆದು ಮಹಾಜ್ಞಾನಿಗಳಾದರು. ಅವರ ಕೀರ್ತನೆಗಳು ಜನಮನದಲ್ಲಿ ಉಳಿದಿವೆ. ಅಧ್ಯಾತ್ಮ ಮತ್ತು ಸಾಮಾಜಿಕ ಸುಧಾರಣೆಗೆ ಶ್ರಮಿಸಿದರು. ಅವರ ಕಾಲಜ್ಞಾನದಲ್ಲಿ ಹೇಳಿದ ವಿಷಯಗಳು ಇಂದು ನಿಜವಾಗುತ್ತಿವೆ ಎಂದರು. ಕನ್ನಡ ಮತ್ತು ಸಂಸ್ಕೃತಿ ಇಲಾಖೆಯ ಸಹಾಯಕ ನಿರ್ದೇಶಕರಾದ ಕನ್ನಡ ಮತ್ತು ಸಂಸ್ಕೃತಿ ಇಲಾಖೆ ಶ್ರೀ ಯೋಗಿ ನಾರೇಯಣರ ತತ್ವಗಳನ್ನು ತಿಳಿಸಿದರು. ಇದೇ ವೇಳೆ ಸಮುದಾಯದ ಮುಖಂಡರನ್ನು ಸನ್ಮಾನಿಸಲಾಯಿತು. ಕಾರ್ಯಕ್ರಮದಲ್ಲಿ ಜಿಲ್ಲಾ ಬಲಿಜ ಸಂಘದ ಅಧ್ಯಕ್ಷ ನರಸಿಂಹಮೂರ್ತಿ, ಟಿ.ಆರ್. ಅಂಜನಪ್ಪ ಮಾತನಾಡಿದರು.
ಮೇಲು ಕೀಳು ಎಂಬುದಿಲ್ಲ. ಭಗವಂತನನ್ನು ಯಾರು ಬೇಕಾದರೆ ಒಲಿಸಿಕೊಳ್ಳಬಹುದು ಎಂಬುದಕ್ಕೆ ಶ್ರೀ ಯೋಗಿನಾರೇಯಣ ಯತೀಂದ್ರರ ಬದುಕೇ ಸಾಕ್ಷಿ. ವೃತ್ತಿ ಜಾತಿ ಮೀರಿ ಬೆಳೆದ ಅವರು, ಜಾತ್ಯಾತೀತ ಸಮಾಜ ನಿರ್ಮಾಣಕ್ಕೆ ಶ್ರಮಿಸಿದರು. ಸಣ್ಣ ಸಮುದಾಯವಾದರೂ ಬಲಿಜ ಸಮುದಾಯ ಸಾಧಿಸುವ ಛಲ ಹೊಂದಿದೆ. ಬಲಿಜ ಸಮುದಾಯದ ಏಳಿಗೆಗೆ ಸರ್ಕಾರ ಸಹಕಾರ ನೀಡಬೇಕು. ಸಮುದಾಯ ಭವನ ನಿರ್ಮಾಣಕ್ಕೆ ನಿವೇಶನ ನೀಡಬೇಕು. ಈ ನಿಟ್ಟಿನಲ್ಲಿ ಜನಪ್ರತಿನಿಧಿಗಳು ಗಮನ ಹರಿಸಬೇಕು ಎಂದರು. ನಗರದಲ್ಲಿ ಬಲಿಜ ಸಮುದಾಯ ಭವನ ನಿರ್ಮಾಣಕ್ಕೆ ಶಾಸಕರು ಸಹಕಾರ ನೀಡಬೇಕು. ಮಧುಗಿರಿ ತಾಲ್ಲೂಕಿನ ಬಲಿಜ ಸಮುದಾಯದ ಮುಖಂಡರು, ಸಂಘದ ಪದಾಧಿಕಾರಿಗಳು ಸಮುದಾಯದ ಸಮಸ್ಯೆಗಳ ಬಗ್ಗೆ ವಿವರಿಸಿದರು. ಇದೇ ಸಂದರ್ಭದಲ್ಲಿ ಎಸ್.ಪಿ. ಕೆ.ವಿ. ಅಶೋಕ್, ಜಿ.ಪಂ. ಸಿಇಓ ಪ್ರಭು ಜಿ., ಅಪರ ಜಿಲ್ಲಾಧಿಕಾರಿ ಡಾ. ತಿಪ್ಪೇಸ್ವಾಮಿ, ಉಪವಿಭಾಗಾಧಿಕಾರಿ ಸಪ್ತಶ್ರೀ, ತಹಶೀಲ್ದಾರ್ ರಾಜೇಶ್ವರಿ, ಬಲಿಜ ಸಂಘದ ಪದಾಧಿಕಾರಿಗಳಾದ ಸುರೇಶ್, ಚಂದ್ರಶೇಖರ್, ವೆಂಕಟೇಶ್, ಲಕ್ಷ್ಮೀನಾರಾಯಣ, ಮುನಿರಾಜು, ಶ್ರೀನಿವಾಸ್ ಮತ್ತಿತರರು ಉಪಸ್ಥಿತರಿದ್ದರು.
